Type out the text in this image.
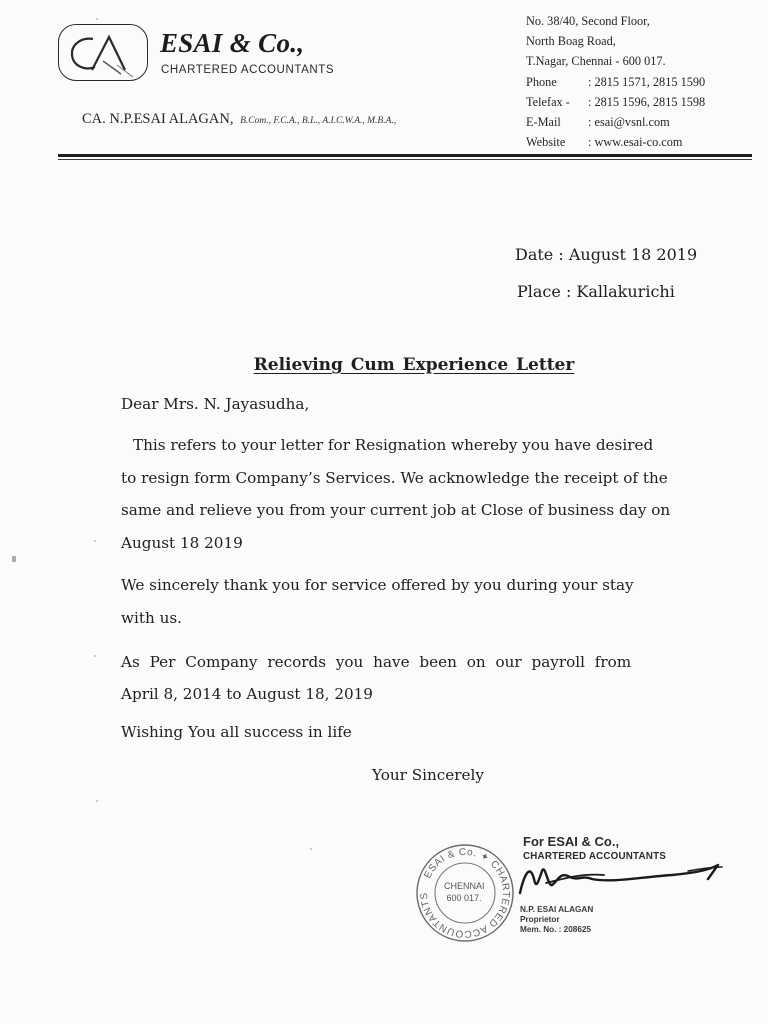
ESAI & Co.,
CHARTERED ACCOUNTANTS
CA. N.P.ESAI ALAGAN, B.Com., F.C.A., B.L., A.I.C.W.A., M.B.A.,
No. 38/40, Second Floor,
North Boag Road,
T.Nagar, Chennai - 600 017.
Phone	: 2815 1571, 2815 1590
Telefax - : 2815 1596, 2815 1598
E-Mail : esai@vsnl.com
Website : www.esai-co.com
Date : August 18 2019
Place : Kallakurichi
Relieving Cum Experience Letter
Dear Mrs. N. Jayasudha,
This refers to your letter for Resignation whereby you have desired
to resign form Company’s Services. We acknowledge the receipt of the
same and relieve you from your current job at Close of business day on
August 18 2019
We sincerely thank you for service offered by you during your stay
with us.
As Per Company records you have been on our payroll from
April 8, 2014 to August 18, 2019
Wishing You all success in life
Your Sincerely
ESAI & Co. ✦ CHARTERED ACCOUNTANTS
CHENNAI
600 017.
For ESAI & Co.,
CHARTERED ACCOUNTANTS
N.P. ESAI ALAGAN
Proprietor
Mem. No. : 208625
